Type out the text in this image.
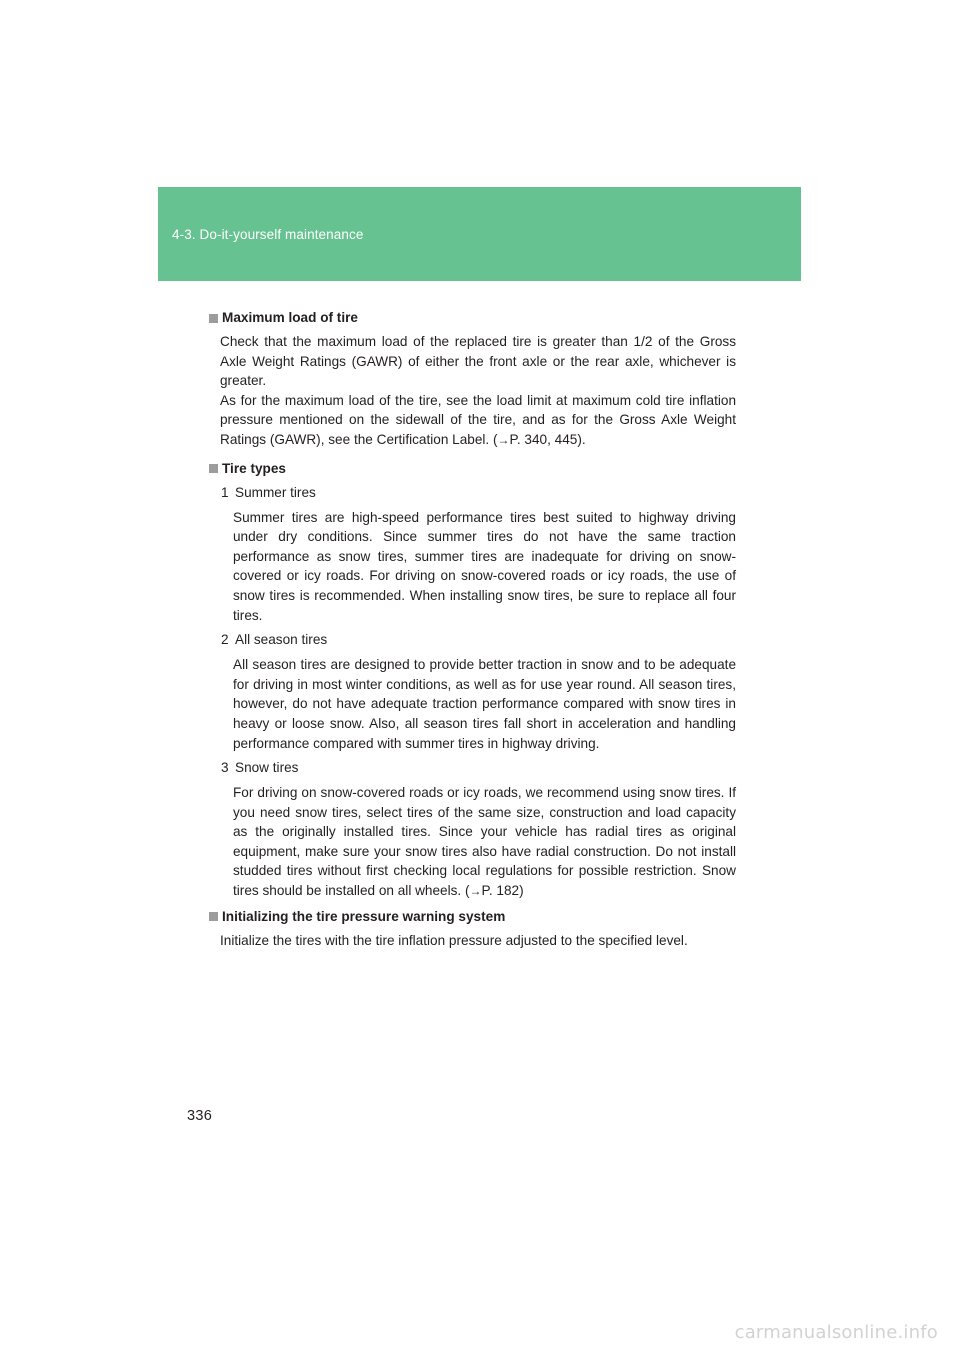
4-3. Do-it-yourself maintenance
Maximum load of tire
Check that the maximum load of the replaced tire is greater than 1/2 of the Gross Axle Weight Ratings (GAWR) of either the front axle or the rear axle, whichever is greater.
As for the maximum load of the tire, see the load limit at maximum cold tire inflation pressure mentioned on the sidewall of the tire, and as for the Gross Axle Weight Ratings (GAWR), see the Certification Label. (→P. 340, 445).
Tire types
1 Summer tires
Summer tires are high-speed performance tires best suited to highway driving under dry conditions. Since summer tires do not have the same traction performance as snow tires, summer tires are inadequate for driving on snow-covered or icy roads. For driving on snow-covered roads or icy roads, the use of snow tires is recommended. When installing snow tires, be sure to replace all four tires.
2 All season tires
All season tires are designed to provide better traction in snow and to be adequate for driving in most winter conditions, as well as for use year round. All season tires, however, do not have adequate traction performance compared with snow tires in heavy or loose snow. Also, all season tires fall short in acceleration and handling performance compared with summer tires in highway driving.
3 Snow tires
For driving on snow-covered roads or icy roads, we recommend using snow tires. If you need snow tires, select tires of the same size, construction and load capacity as the originally installed tires. Since your vehicle has radial tires as original equipment, make sure your snow tires also have radial construction. Do not install studded tires without first checking local regulations for possible restriction. Snow tires should be installed on all wheels. (→P. 182)
Initializing the tire pressure warning system
Initialize the tires with the tire inflation pressure adjusted to the specified level.
336
carmanualsonline.info
